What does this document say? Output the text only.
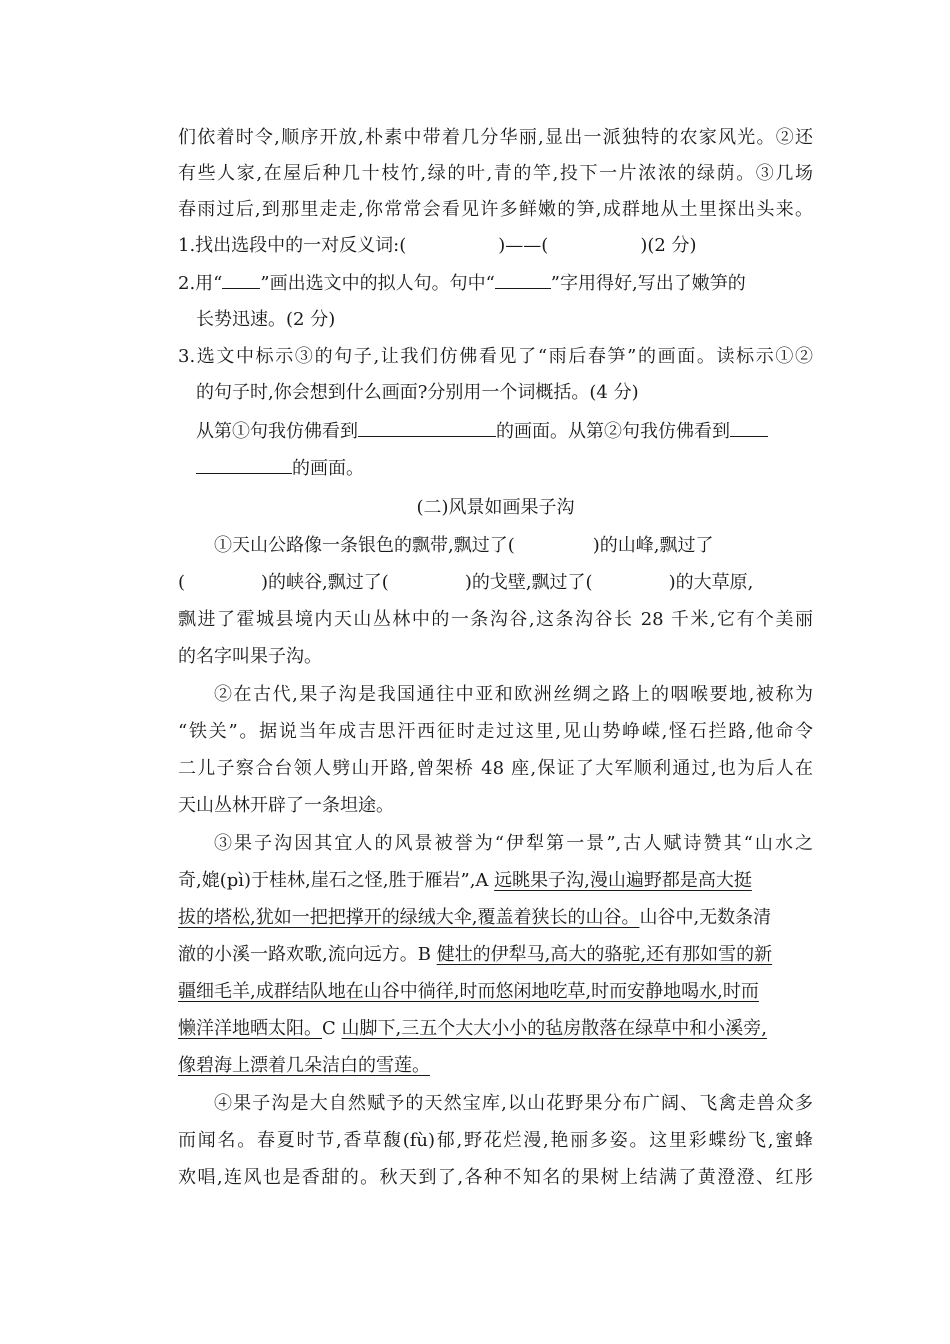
们依着时令,顺序开放,朴素中带着几分华丽,显出一派独特的农家风光。②还
有些人家,在屋后种几十枝竹,绿的叶,青的竿,投下一片浓浓的绿荫。③几场
春雨过后,到那里走走,你常常会看见许多鲜嫩的笋,成群地从土里探出头来。
1.找出选段中的一对反义词:(	)——(	)(2 分)
2.用“ ”画出选文中的拟人句。句中“	”字用得好,写出了嫩笋的
长势迅速。(2 分)
3.选文中标示③的句子,让我们仿佛看见了“雨后春笋”的画面。读标示①②
的句子时,你会想到什么画面?分别用一个词概括。(4 分)
从第①句我仿佛看到	的画面。从第②句我仿佛看到
的画面。
(二)风景如画果子沟
①天山公路像一条银色的飘带,飘过了(	)的山峰,飘过了
(	)的峡谷,飘过了(	)的戈壁,飘过了(	)的大草原,
飘进了霍城县境内天山丛林中的一条沟谷,这条沟谷长 28 千米,它有个美丽
的名字叫果子沟。
②在古代,果子沟是我国通往中亚和欧洲丝绸之路上的咽喉要地,被称为
“铁关”。据说当年成吉思汗西征时走过这里,见山势峥嵘,怪石拦路,他命令
二儿子察合台领人劈山开路,曾架桥 48 座,保证了大军顺利通过,也为后人在
天山丛林开辟了一条坦途。
③果子沟因其宜人的风景被誉为“伊犁第一景”,古人赋诗赞其“山水之
奇,媲(pì)于桂林,崖石之怪,胜于雁岩”,A 远眺果子沟,漫山遍野都是高大挺
拔的塔松,犹如一把把撑开的绿绒大伞,覆盖着狭长的山谷。山谷中,无数条清
澈的小溪一路欢歌,流向远方。B 健壮的伊犁马,高大的骆驼,还有那如雪的新
疆细毛羊,成群结队地在山谷中徜徉,时而悠闲地吃草,时而安静地喝水,时而
懒洋洋地晒太阳。C 山脚下,三五个大大小小的毡房散落在绿草中和小溪旁,
像碧海上漂着几朵洁白的雪莲。
④果子沟是大自然赋予的天然宝库,以山花野果分布广阔、飞禽走兽众多
而闻名。春夏时节,香草馥(fù)郁,野花烂漫,艳丽多姿。这里彩蝶纷飞,蜜蜂
欢唱,连风也是香甜的。秋天到了,各种不知名的果树上结满了黄澄澄、红彤
